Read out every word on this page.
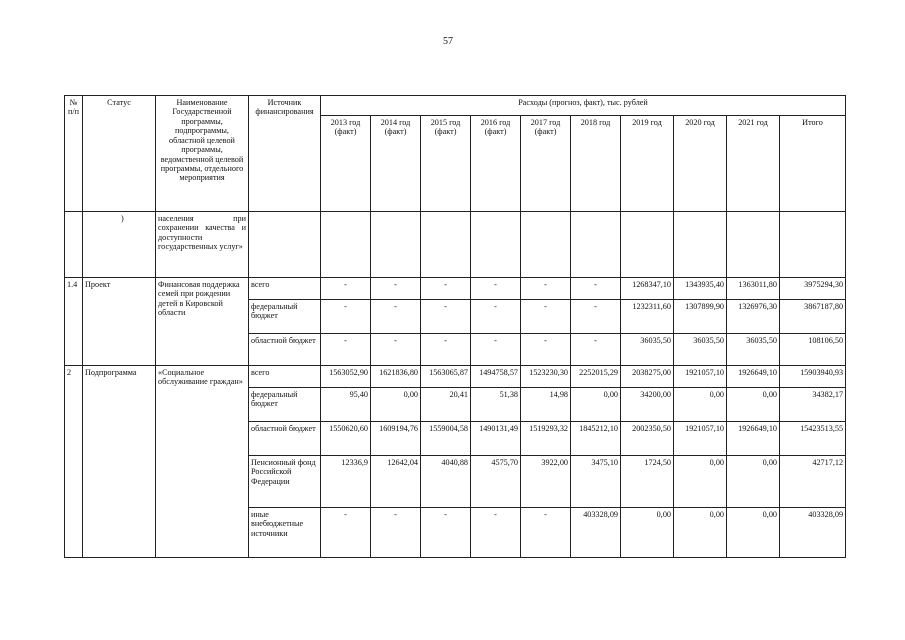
57
№ п/п	Статус	Наименование Государственной программы, подпрограммы, областной целевой программы, ведомственной целевой программы, отдельного мероприятия	Источник финансирования	Расходы (прогноз, факт), тыс. рублей									
				2013 год (факт)	2014 год (факт)	2015 год (факт)	2016 год (факт)	2017 год (факт)	2018 год	2019 год	2020 год	2021 год	Итого
	)	населения при сохранении качества и доступности государственных услуг»											
1.4	Проект	Финансовая поддержка семей при рождении детей в Кировской области	всего	-	-	-	-	-	-	1268347,10	1343935,40	1363011,80	3975294,30
			федеральный бюджет	-	-	-	-	-	-	1232311,60	1307899,90	1326976,30	3867187,80
			областной бюджет	-	-	-	-	-	-	36035,50	36035,50	36035,50	108106,50
2	Подпрограмма	«Социальное обслуживание граждан»	всего	1563052,90	1621836,80	1563065,87	1494758,57	1523230,30	2252015,29	2038275,00	1921057,10	1926649,10	15903940,93
			федеральный бюджет	95,40	0,00	20,41	51,38	14,98	0,00	34200,00	0,00	0,00	34382,17
			областной бюджет	1550620,60	1609194,76	1559004,58	1490131,49	1519293,32	1845212,10	2002350,50	1921057,10	1926649,10	15423513,55
			Пенсионный фонд Российской Федерации	12336,9	12642,04	4040,88	4575,70	3922,00	3475,10	1724,50	0,00	0,00	42717,12
			иные внебюджетные источники	-	-	-	-	-	403328,09	0,00	0,00	0,00	403328,09
